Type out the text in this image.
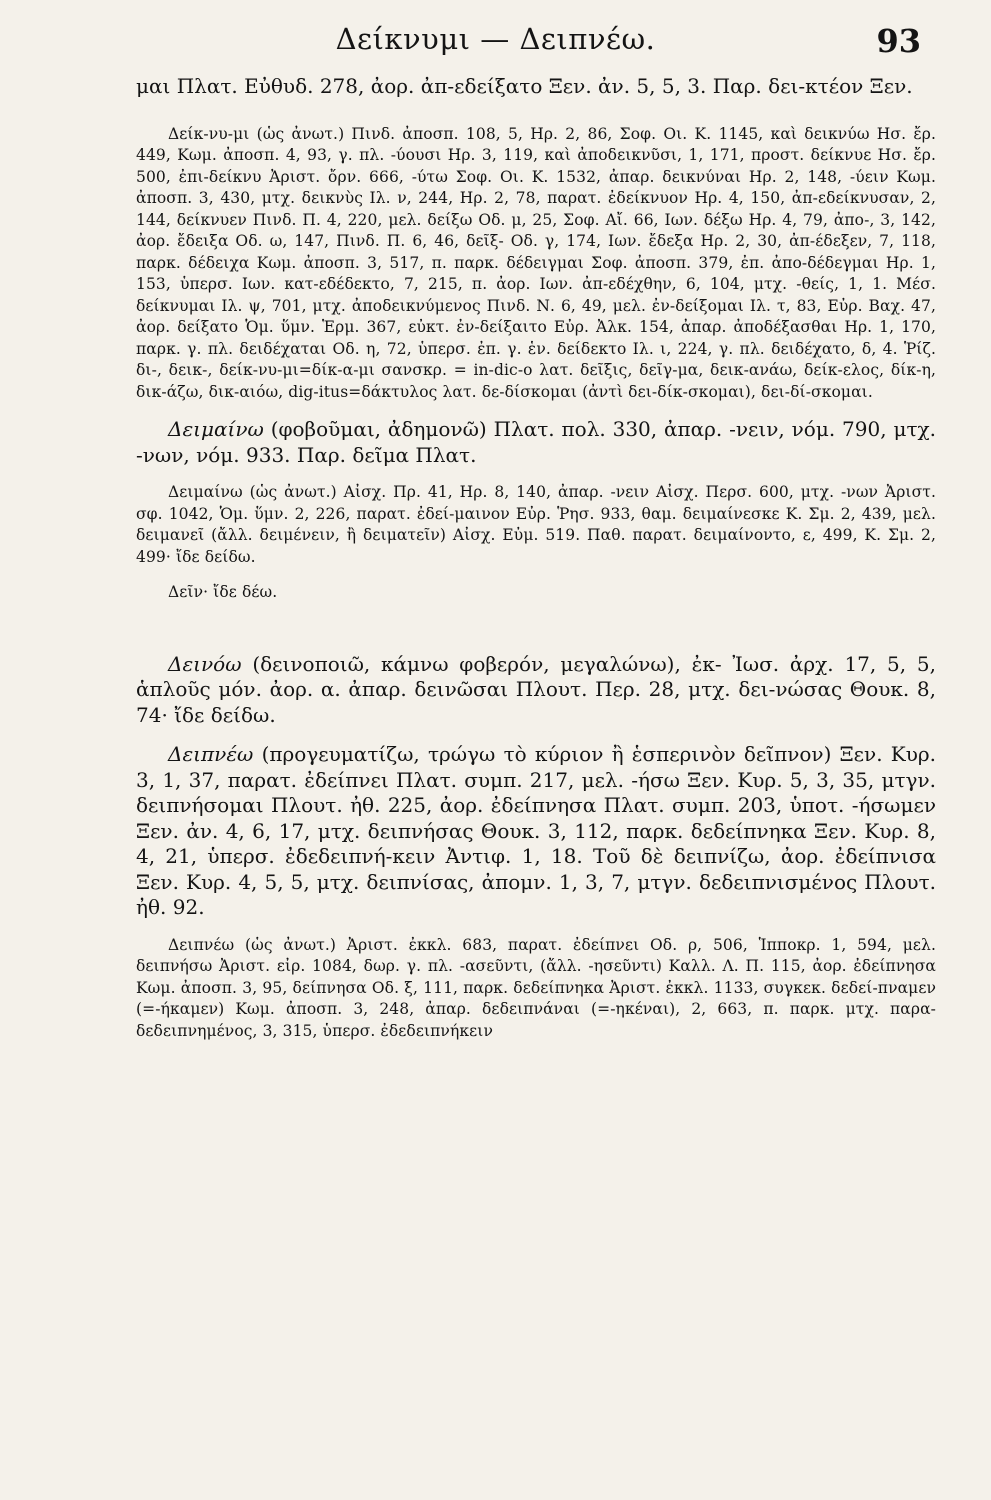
Δείκνυμι — Δειπνέω.	93

μαι Πλατ. Εὐθυδ. 278, ἀορ. ἀπ-εδείξατο Ξεν. ἀν. 5, 5, 3. Παρ. δει-κτέον Ξεν.

Δείκ-νυ-μι (ὡς ἀνωτ.) Πινδ. ἀποσπ. 108, 5, Ηρ. 2, 86, Σοφ. Οι. Κ. 1145, καὶ δεικνύω Ησ. ἔρ. 449, Κωμ. ἀποσπ. 4, 93, γ. πλ. -ύουσι Ηρ. 3, 119, καὶ ἀποδεικνῦσι, 1, 171, προστ. δείκνυε Ησ. ἔρ. 500, ἐπι-δείκνυ Ἀριστ. ὄρν. 666, -ύτω Σοφ. Οι. Κ. 1532, ἀπαρ. δεικνύναι Ηρ. 2, 148, -ύειν Κωμ. ἀποσπ. 3, 430, μτχ. δεικνὺς Ιλ. ν, 244, Ηρ. 2, 78, παρατ. ἐδείκνυον Ηρ. 4, 150, ἀπ-εδείκνυσαν, 2, 144, δείκνυεν Πινδ. Π. 4, 220, μελ. δείξω Οδ. μ, 25, Σοφ. Αἴ. 66, Ιων. δέξω Ηρ. 4, 79, ἀπο-, 3, 142, ἀορ. ἔδειξα Οδ. ω, 147, Πινδ. Π. 6, 46, δεῖξ- Οδ. γ, 174, Ιων. ἔδεξα Ηρ. 2, 30, ἀπ-έδεξεν, 7, 118, παρκ. δέδειχα Κωμ. ἀποσπ. 3, 517, π. παρκ. δέδειγμαι Σοφ. ἀποσπ. 379, ἐπ. ἀπο-δέδεγμαι Ηρ. 1, 153, ὑπερσ. Ιων. κατ-εδέδεκτο, 7, 215, π. ἀορ. Ιων. ἀπ-εδέχθην, 6, 104, μτχ. -θείς, 1, 1. Μέσ. δείκνυμαι Ιλ. ψ, 701, μτχ. ἀποδεικνύμενος Πινδ. Ν. 6, 49, μελ. ἐν-δείξομαι Ιλ. τ, 83, Εὐρ. Βαχ. 47, ἀορ. δείξατο Ὁμ. ὕμν. Ἑρμ. 367, εὐκτ. ἐν-δείξαιτο Εὐρ. Ἀλκ. 154, ἀπαρ. ἀποδέξασθαι Ηρ. 1, 170, παρκ. γ. πλ. δειδέχαται Οδ. η, 72, ὑπερσ. ἐπ. γ. ἑν. δείδεκτο Ιλ. ι, 224, γ. πλ. δειδέχατο, δ, 4. Ῥίζ. δι-, δεικ-, δείκ-νυ-μι=δίκ-α-μι σανσκρ. = in-dic-o λατ. δεῖξις, δεῖγ-μα, δεικ-ανάω, δείκ-ελος, δίκ-η, δικ-άζω, δικ-αιόω, dig-itus=δάκτυλος λατ. δε-δίσκομαι (ἀντὶ δει-δίκ-σκομαι), δει-δί-σκομαι.

Δειμαίνω (φοβοῦμαι, ἀδημονῶ) Πλατ. πολ. 330, ἀπαρ. -νειν, νόμ. 790, μτχ. -νων, νόμ. 933. Παρ. δεῖμα Πλατ.

Δειμαίνω (ὡς ἀνωτ.) Αἰσχ. Πρ. 41, Ηρ. 8, 140, ἀπαρ. -νειν Αἰσχ. Περσ. 600, μτχ. -νων Ἀριστ. σφ. 1042, Ὁμ. ὕμν. 2, 226, παρατ. ἐδεί-μαινον Εὐρ. Ῥησ. 933, θαμ. δειμαίνεσκε Κ. Σμ. 2, 439, μελ. δειμανεῖ (ἄλλ. δειμένειν, ἢ δειματεῖν) Αἰσχ. Εὐμ. 519. Παθ. παρατ. δειμαίνοντο, ε, 499, Κ. Σμ. 2, 499· ἴδε δείδω.

Δεῖν· ἴδε δέω.

Δεινόω (δεινοποιῶ, κάμνω φοβερόν, μεγαλώνω), ἐκ- Ἰωσ. ἀρχ. 17, 5, 5, ἁπλοῦς μόν. ἀορ. α. ἀπαρ. δεινῶσαι Πλουτ. Περ. 28, μτχ. δει-νώσας Θουκ. 8, 74· ἴδε δείδω.

Δειπνέω (προγευματίζω, τρώγω τὸ κύριον ἢ ἑσπερινὸν δεῖπνον) Ξεν. Κυρ. 3, 1, 37, παρατ. ἐδείπνει Πλατ. συμπ. 217, μελ. -ήσω Ξεν. Κυρ. 5, 3, 35, μτγν. δειπνήσομαι Πλουτ. ἠθ. 225, ἀορ. ἐδείπνησα Πλατ. συμπ. 203, ὑποτ. -ήσωμεν Ξεν. ἀν. 4, 6, 17, μτχ. δειπνήσας Θουκ. 3, 112, παρκ. δεδείπνηκα Ξεν. Κυρ. 8, 4, 21, ὑπερσ. ἐδεδειπνή-κειν Ἀντιφ. 1, 18. Τοῦ δὲ δειπνίζω, ἀορ. ἐδείπνισα Ξεν. Κυρ. 4, 5, 5, μτχ. δειπνίσας, ἀπομν. 1, 3, 7, μτγν. δεδειπνισμένος Πλουτ. ἠθ. 92.

Δειπνέω (ὡς ἀνωτ.) Ἀριστ. ἐκκλ. 683, παρατ. ἐδείπνει Οδ. ρ, 506, Ἱπποκρ. 1, 594, μελ. δειπνήσω Ἀριστ. εἰρ. 1084, δωρ. γ. πλ. -ασεῦντι, (ἄλλ. -ησεῦντι) Καλλ. Λ. Π. 115, ἀορ. ἐδείπνησα Κωμ. ἀποσπ. 3, 95, δείπνησα Οδ. ξ, 111, παρκ. δεδείπνηκα Ἀριστ. ἐκκλ. 1133, συγκεκ. δεδεί-πναμεν (=-ήκαμεν) Κωμ. ἀποσπ. 3, 248, ἀπαρ. δεδειπνάναι (=-ηκέναι), 2, 663, π. παρκ. μτχ. παρα-δεδειπνημένος, 3, 315, ὑπερσ. ἐδεδειπνήκειν
